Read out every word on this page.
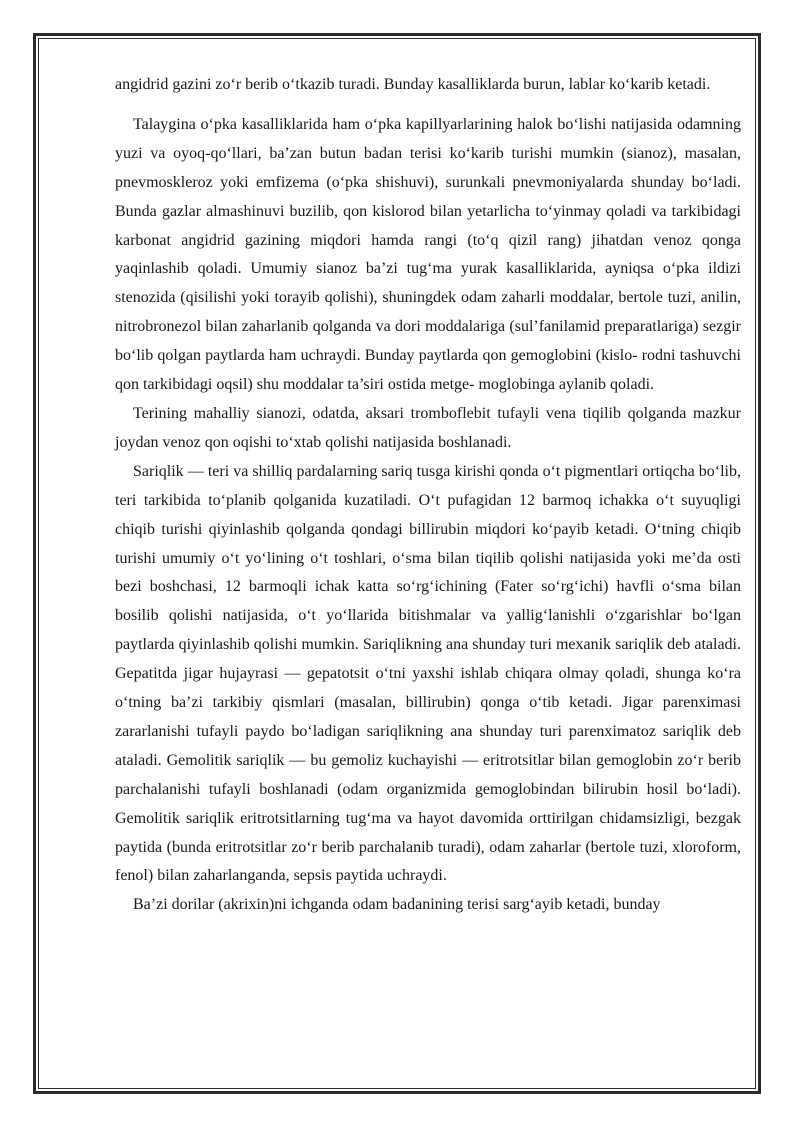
angidrid gazini zo‘r berib o‘tkazib turadi. Bunday kasalliklarda burun, lablar ko‘karib ketadi.

Talaygina o‘pka kasalliklarida ham o‘pka kapillyarlarining halok bo‘lishi natijasida odamning yuzi va oyoq-qo‘llari, ba’zan butun badan terisi ko‘karib turishi mumkin (sianoz), masalan, pnevmoskleroz yoki emfizema (o‘pka shishuvi), surunkali pnevmoniyalarda shunday bo‘ladi. Bunda gazlar almashinuvi buzilib, qon kislorod bilan yetarlicha to‘yinmay qoladi va tarkibidagi karbonat angidrid gazining miqdori hamda rangi (to‘q qizil rang) jihatdan venoz qonga yaqinlashib qoladi. Umumiy sianoz ba’zi tug‘ma yurak kasalliklarida, ayniqsa o‘pka ildizi stenozida (qisilishi yoki torayib qolishi), shuningdek odam zaharli moddalar, bertole tuzi, anilin, nitrobronezol bilan zaharlanib qolganda va dori moddalariga (sul’fanilamid preparatlariga) sezgir bo‘lib qolgan paytlarda ham uchraydi. Bunday paytlarda qon gemoglobini (kislo- rodni tashuvchi qon tarkibidagi oqsil) shu moddalar ta’siri ostida metge- moglobinga aylanib qoladi.

Terining mahalliy sianozi, odatda, aksari tromboflebit tufayli vena tiqilib qolganda mazkur joydan venoz qon oqishi to‘xtab qolishi natijasida boshlanadi.

Sariqlik — teri va shilliq pardalarning sariq tusga kirishi qonda o‘t pigmentlari ortiqcha bo‘lib, teri tarkibida to‘planib qolganida kuzatiladi. O‘t pufagidan 12 barmoq ichakka o‘t suyuqligi chiqib turishi qiyinlashib qolganda qondagi billirubin miqdori ko‘payib ketadi. O‘tning chiqib turishi umumiy o‘t yo‘lining o‘t toshlari, o‘sma bilan tiqilib qolishi natijasida yoki me’da osti bezi boshchasi, 12 barmoqli ichak katta so‘rg‘ichining (Fater so‘rg‘ichi) havfli o‘sma bilan bosilib qolishi natijasida, o‘t yo‘llarida bitishmalar va yallig‘lanishli o‘zgarishlar bo‘lgan paytlarda qiyinlashib qolishi mumkin. Sariqlikning ana shunday turi mexanik sariqlik deb ataladi. Gepatitda jigar hujayrasi — gepatotsit o‘tni yaxshi ishlab chiqara olmay qoladi, shunga ko‘ra o‘tning ba’zi tarkibiy qismlari (masalan, billirubin) qonga o‘tib ketadi. Jigar parenximasi zararlanishi tufayli paydo bo‘ladigan sariqlikning ana shunday turi parenximatoz sariqlik deb ataladi. Gemolitik sariqlik — bu gemoliz kuchayishi — eritrotsitlar bilan gemoglobin zo‘r berib parchalanishi tufayli boshlanadi (odam organizmida gemoglobindan bilirubin hosil bo‘ladi). Gemolitik sariqlik eritrotsitlarning tug‘ma va hayot davomida orttirilgan chidamsizligi, bezgak paytida (bunda eritrotsitlar zo‘r berib parchalanib turadi), odam zaharlar (bertole tuzi, xloroform, fenol) bilan zaharlanganda, sepsis paytida uchraydi.

Ba’zi dorilar (akrixin)ni ichganda odam badanining terisi sarg‘ayib ketadi, bunday
